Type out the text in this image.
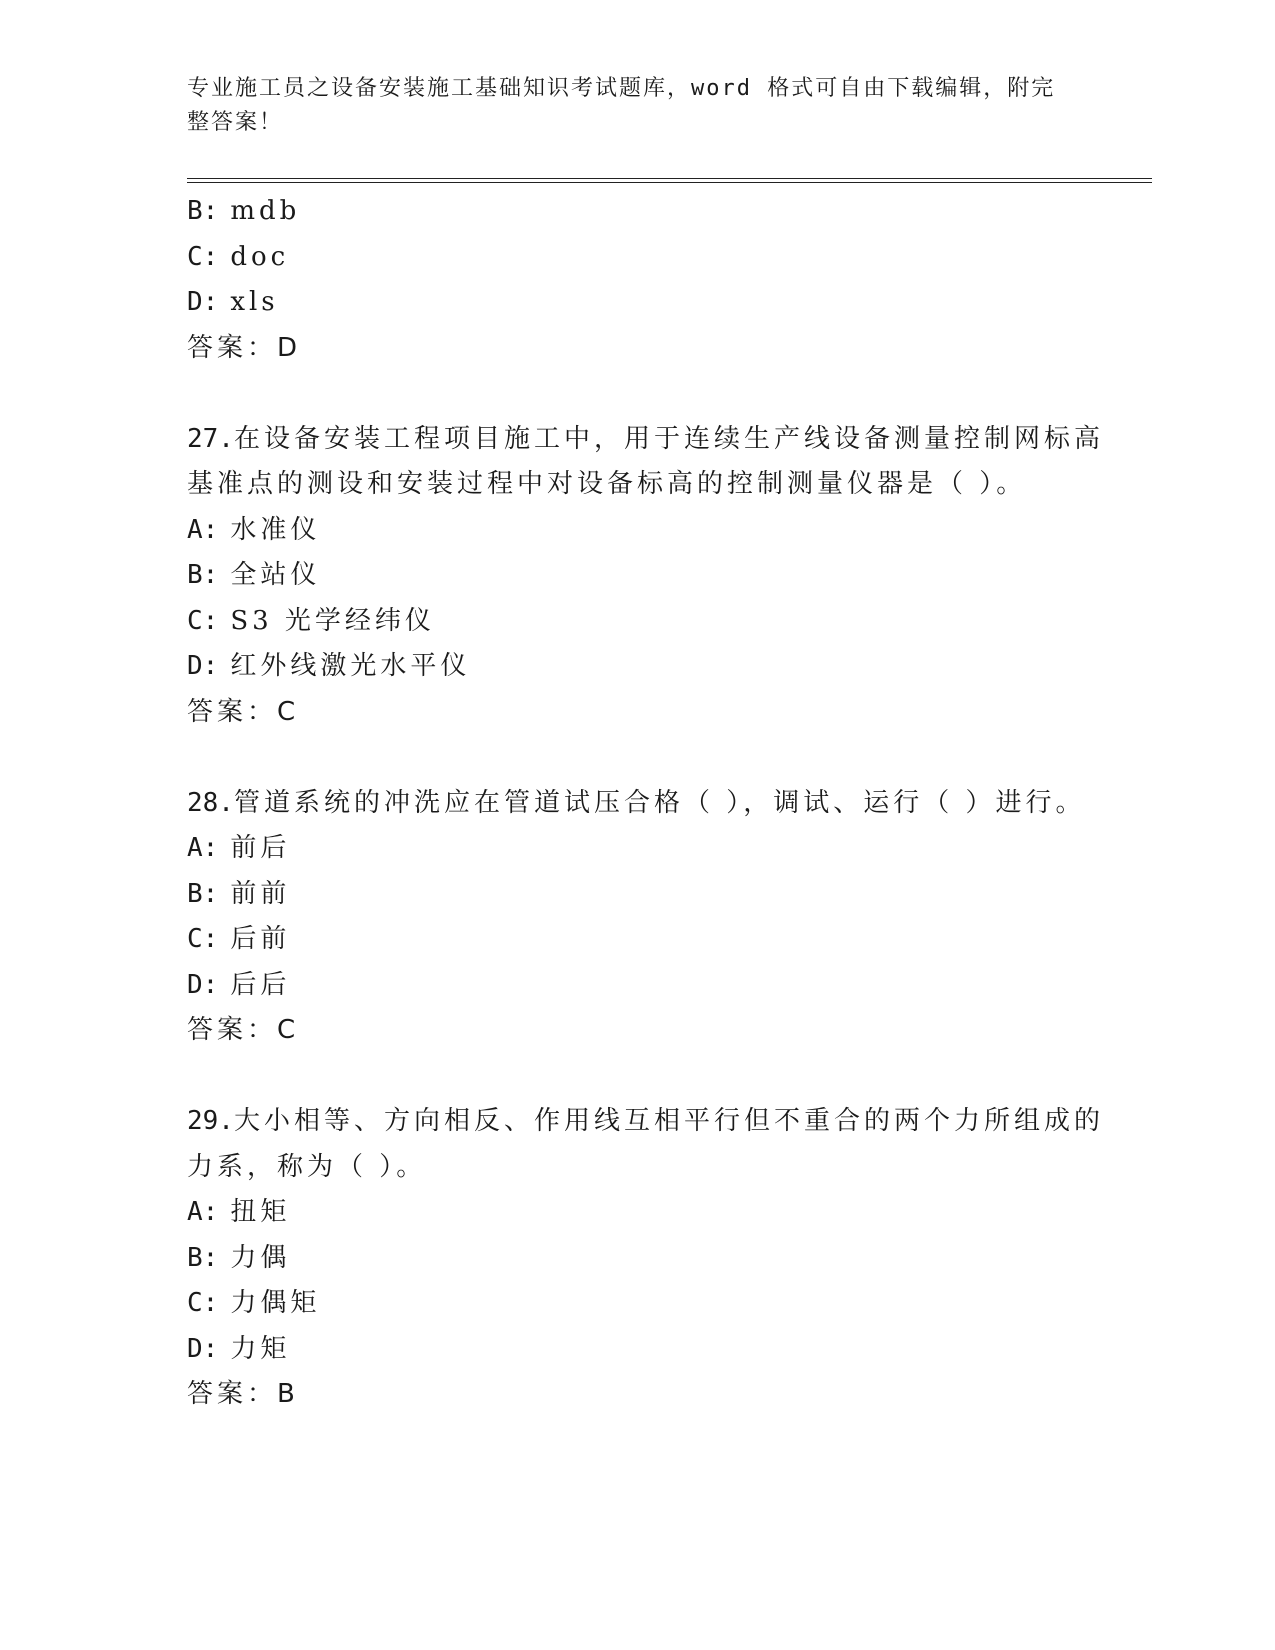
专业施工员之设备安装施工基础知识考试题库，word 格式可自由下载编辑，附完
整答案！
B: mdb
C: doc
D: xls
答案：D
27.在设备安装工程项目施工中，用于连续生产线设备测量控制网标高
基准点的测设和安装过程中对设备标高的控制测量仪器是（ ）。
A: 水准仪
B: 全站仪
C: S3 光学经纬仪
D: 红外线激光水平仪
答案：C
28.管道系统的冲洗应在管道试压合格（ ），调试、运行（ ）进行。
A: 前后
B: 前前
C: 后前
D: 后后
答案：C
29.大小相等、方向相反、作用线互相平行但不重合的两个力所组成的
力系，称为（ ）。
A: 扭矩
B: 力偶
C: 力偶矩
D: 力矩
答案：B
